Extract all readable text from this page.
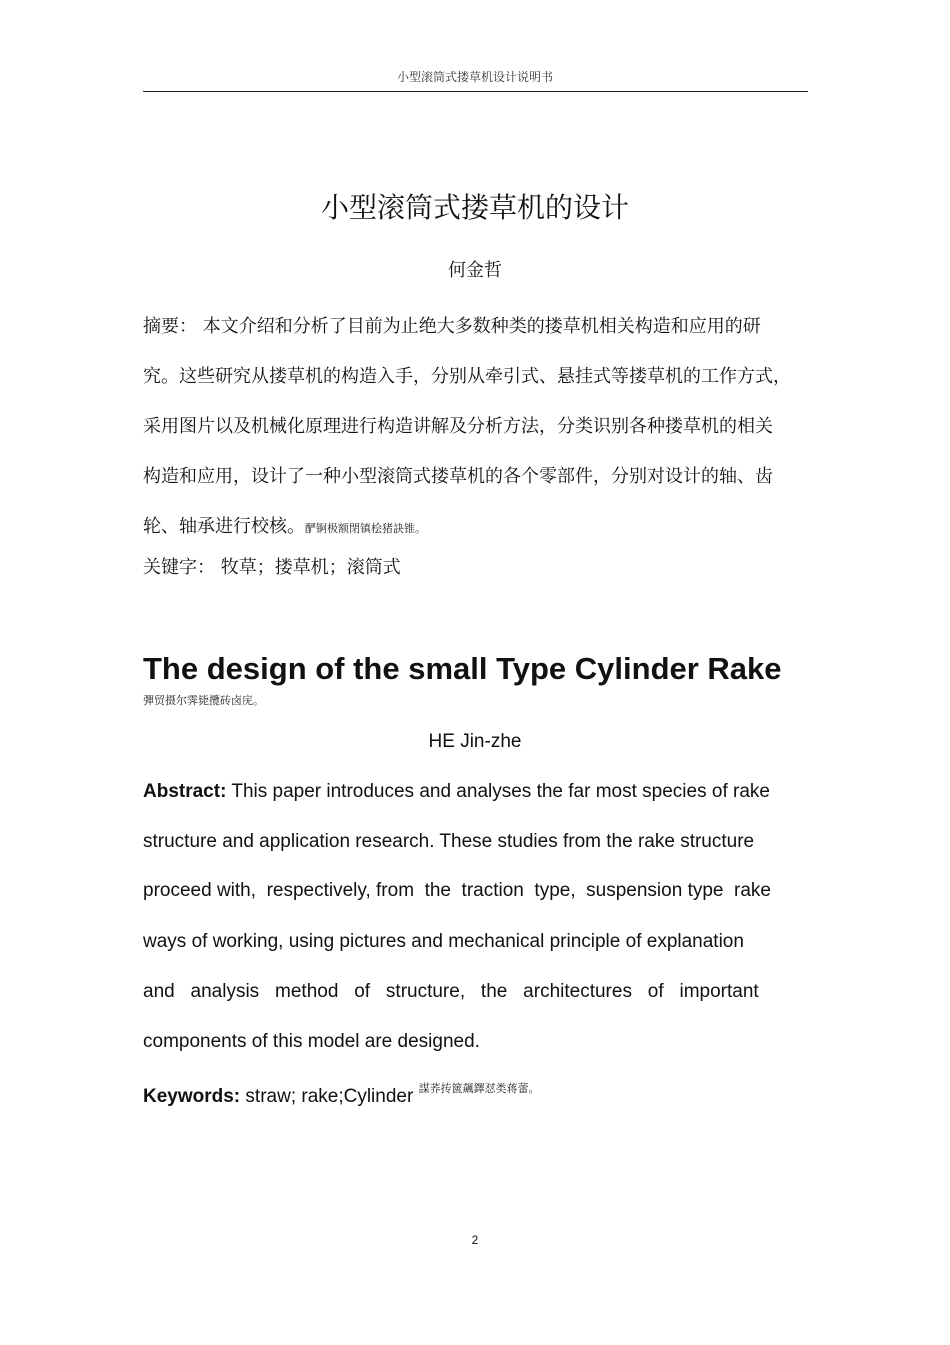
小型滚筒式搂草机设计说明书
小型滚筒式搂草机的设计
何金哲
摘要： 本文介绍和分析了目前为止绝大多数种类的搂草机相关构造和应用的研
究。这些研究从搂草机的构造入手，分别从牵引式、悬挂式等搂草机的工作方式，
采用图片以及机械化原理进行构造讲解及分析方法，分类识别各种搂草机的相关
构造和应用，设计了一种小型滚筒式搂草机的各个零部件，分别对设计的轴、齿
轮、轴承进行校核。酽锕极额閉镇桧猪訣锥。
关键字： 牧草；搂草机；滚筒式
The design of the small Type Cylinder Rake
彈贸摄尔霁毙攬砖卤庑。
HE Jin-zhe
Abstract: This paper introduces and analyses the far most species of rake
structure and application research. These studies from the rake structure
proceed with,  respectively, from  the  traction  type,  suspension type  rake
ways of working, using pictures and mechanical principle of explanation
and   analysis   method   of   structure,   the   architectures   of   important
components of this model are designed.
Keywords: straw; rake;Cylinder $^{謀荞抟篋飆鐸怼类蒋蕾。}$
2
